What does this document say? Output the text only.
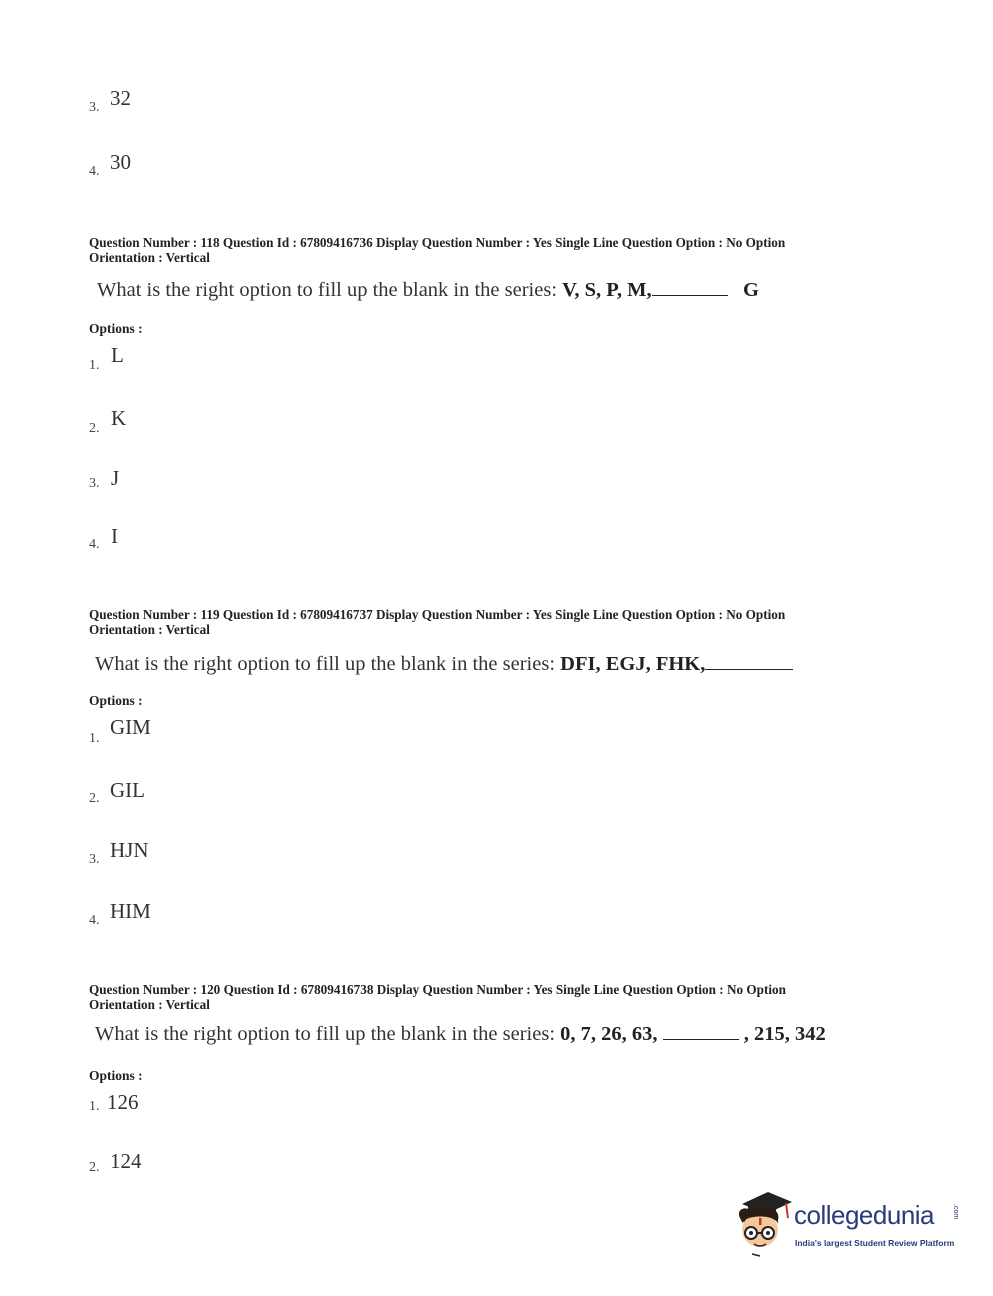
3. 32
4. 30
Question Number : 118 Question Id : 67809416736 Display Question Number : Yes Single Line Question Option : No Option
Orientation : Vertical
What is the right option to fill up the blank in the series: V, S, P, M,	G
Options :
1. L
2. K
3. J
4. I
Question Number : 119 Question Id : 67809416737 Display Question Number : Yes Single Line Question Option : No Option
Orientation : Vertical
What is the right option to fill up the blank in the series: DFI, EGJ, FHK,
Options :
1. GIM
2. GIL
3. HJN
4. HIM
Question Number : 120 Question Id : 67809416738 Display Question Number : Yes Single Line Question Option : No Option
Orientation : Vertical
What is the right option to fill up the blank in the series: 0, 7, 26, 63,	, 215, 342
Options :
1. 126
2. 124
collegedunia	.com
India's largest Student Review Platform
